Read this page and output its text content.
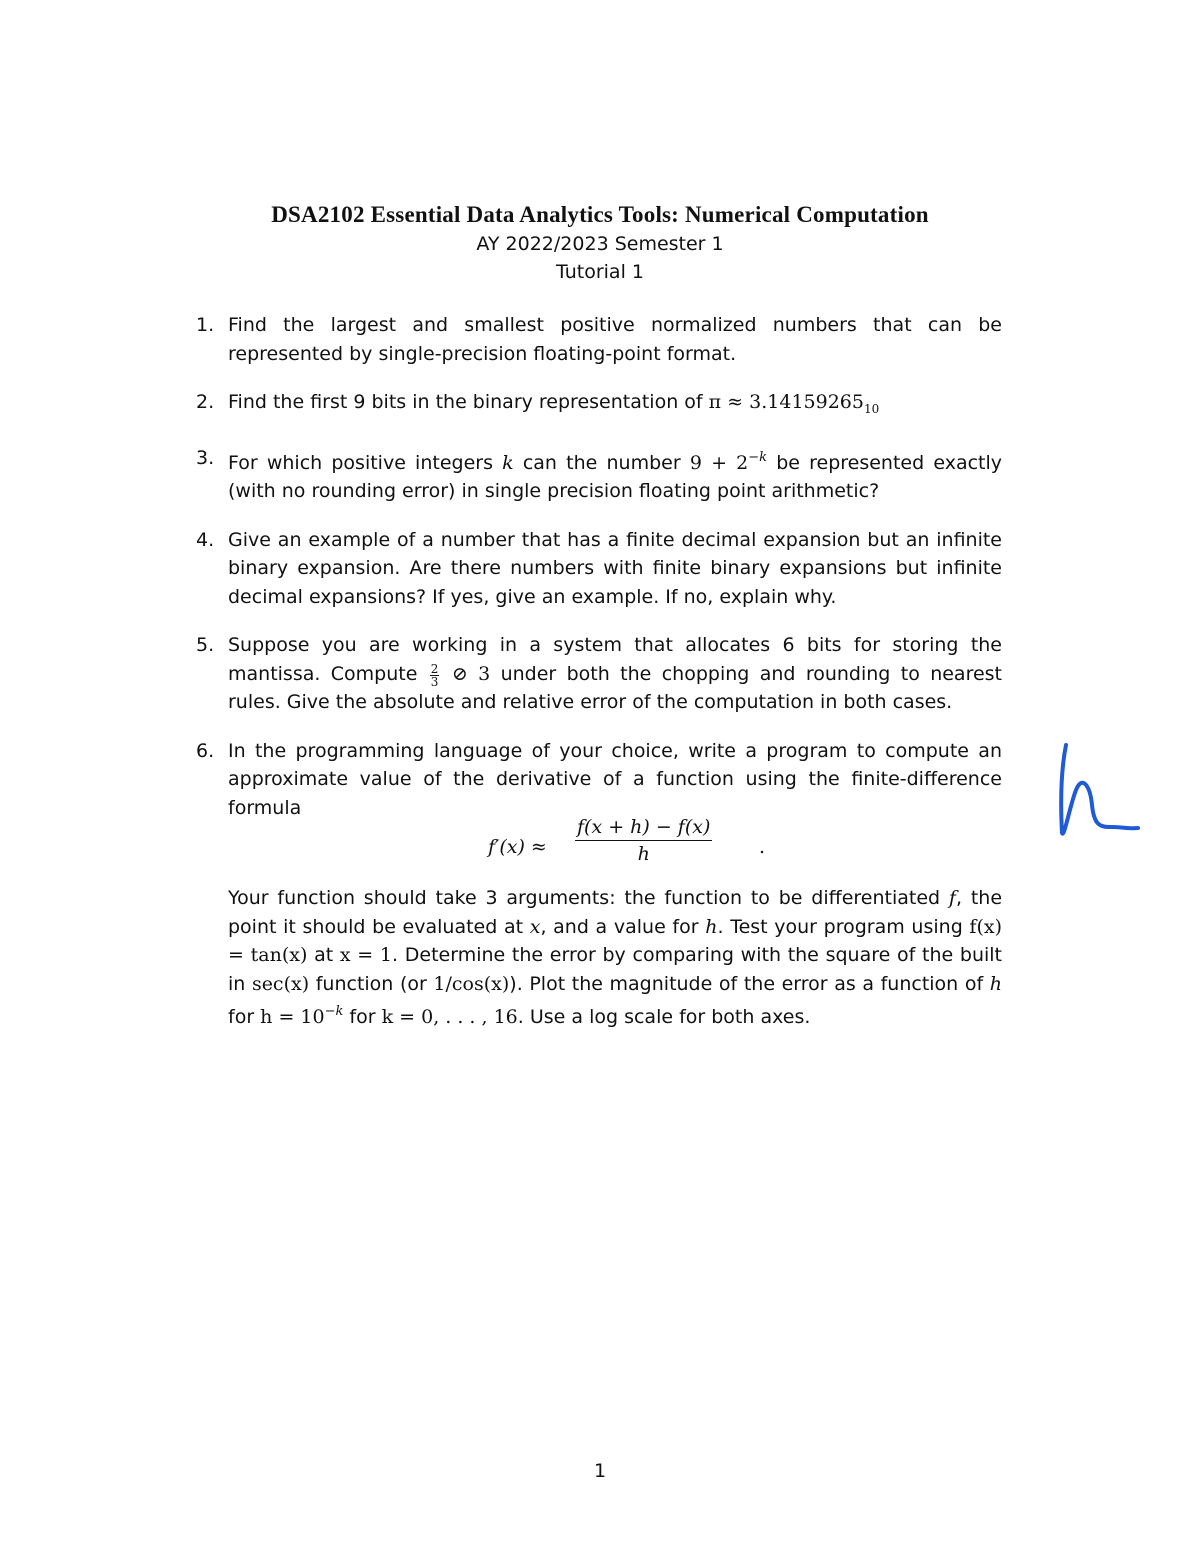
DSA2102 Essential Data Analytics Tools: Numerical Computation
AY 2022/2023 Semester 1
Tutorial 1
1. Find the largest and smallest positive normalized numbers that can be represented by single-precision floating-point format.
2. Find the first 9 bits in the binary representation of $\pi \approx 3.14159265_{10}$
3. For which positive integers k can the number $9 + 2^{-k}$ be represented exactly (with no rounding error) in single precision floating point arithmetic?
4. Give an example of a number that has a finite decimal expansion but an infinite binary expansion. Are there numbers with finite binary expansions but infinite decimal expansions? If yes, give an example. If no, explain why.
5. Suppose you are working in a system that allocates 6 bits for storing the mantissa. Compute $\frac{2}{3}$ ⊘ 3 under both the chopping and rounding to nearest rules. Give the absolute and relative error of the computation in both cases.
6. In the programming language of your choice, write a program to compute an approximate value of the derivative of a function using the finite-difference formula
$f'(x) \approx \frac{f(x + h) - f(x)}{h}$ .
Your function should take 3 arguments: the function to be differentiated f, the point it should be evaluated at x, and a value for h. Test your program using f(x) = tan(x) at x = 1. Determine the error by comparing with the square of the built in sec(x) function (or 1/cos(x)). Plot the magnitude of the error as a function of h for $h = 10^{-k}$ for k = 0, . . . , 16. Use a log scale for both axes.
1
